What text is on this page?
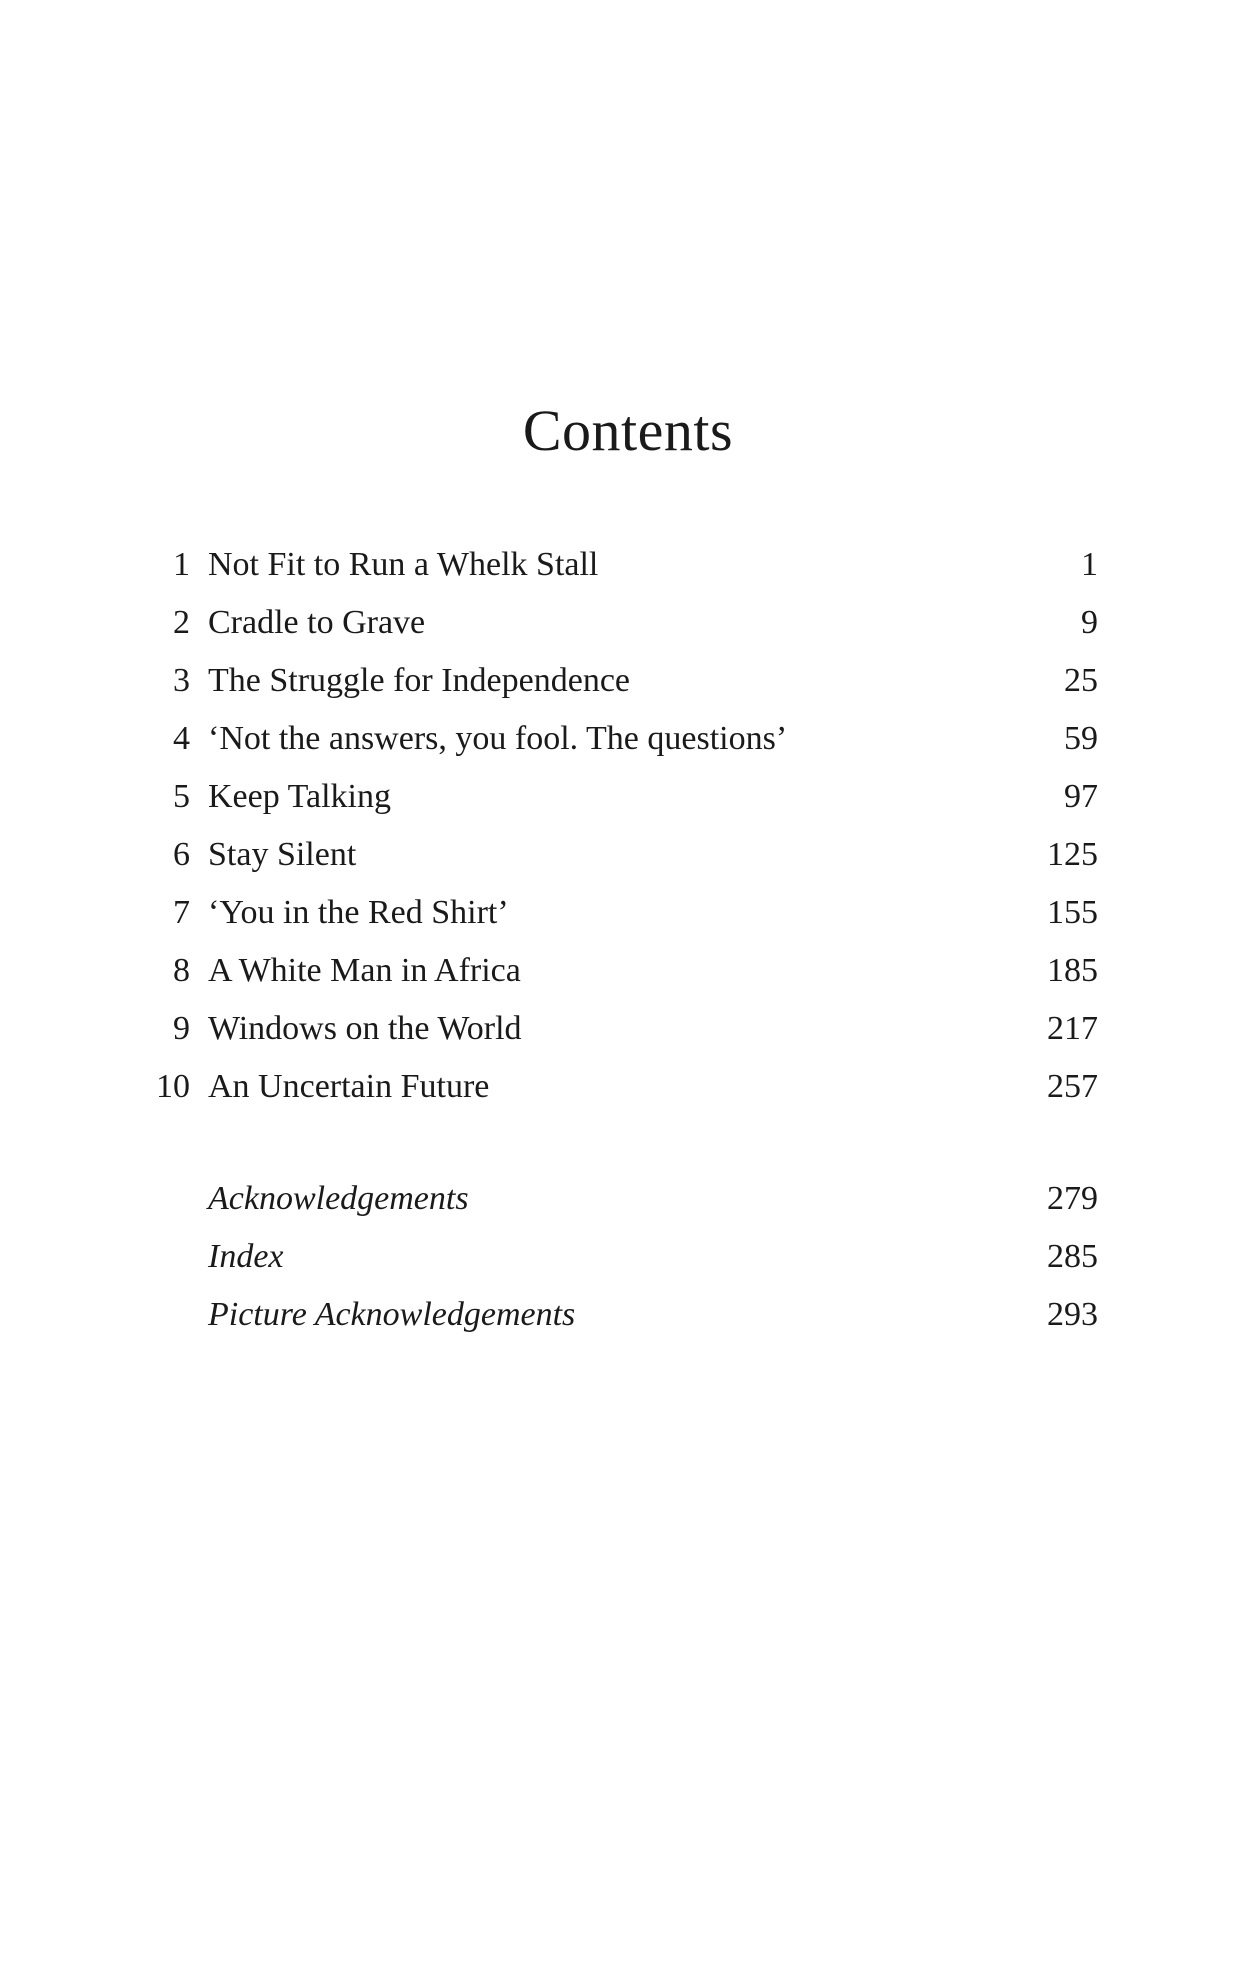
Contents
1 Not Fit to Run a Whelk Stall	1
2 Cradle to Grave	9
3 The Struggle for Independence	25
4 ‘Not the answers, you fool. The questions’	59
5 Keep Talking	97
6 Stay Silent	125
7 ‘You in the Red Shirt’	155
8 A White Man in Africa	185
9 Windows on the World	217
10 An Uncertain Future	257
Acknowledgements	279
Index	285
Picture Acknowledgements	293
